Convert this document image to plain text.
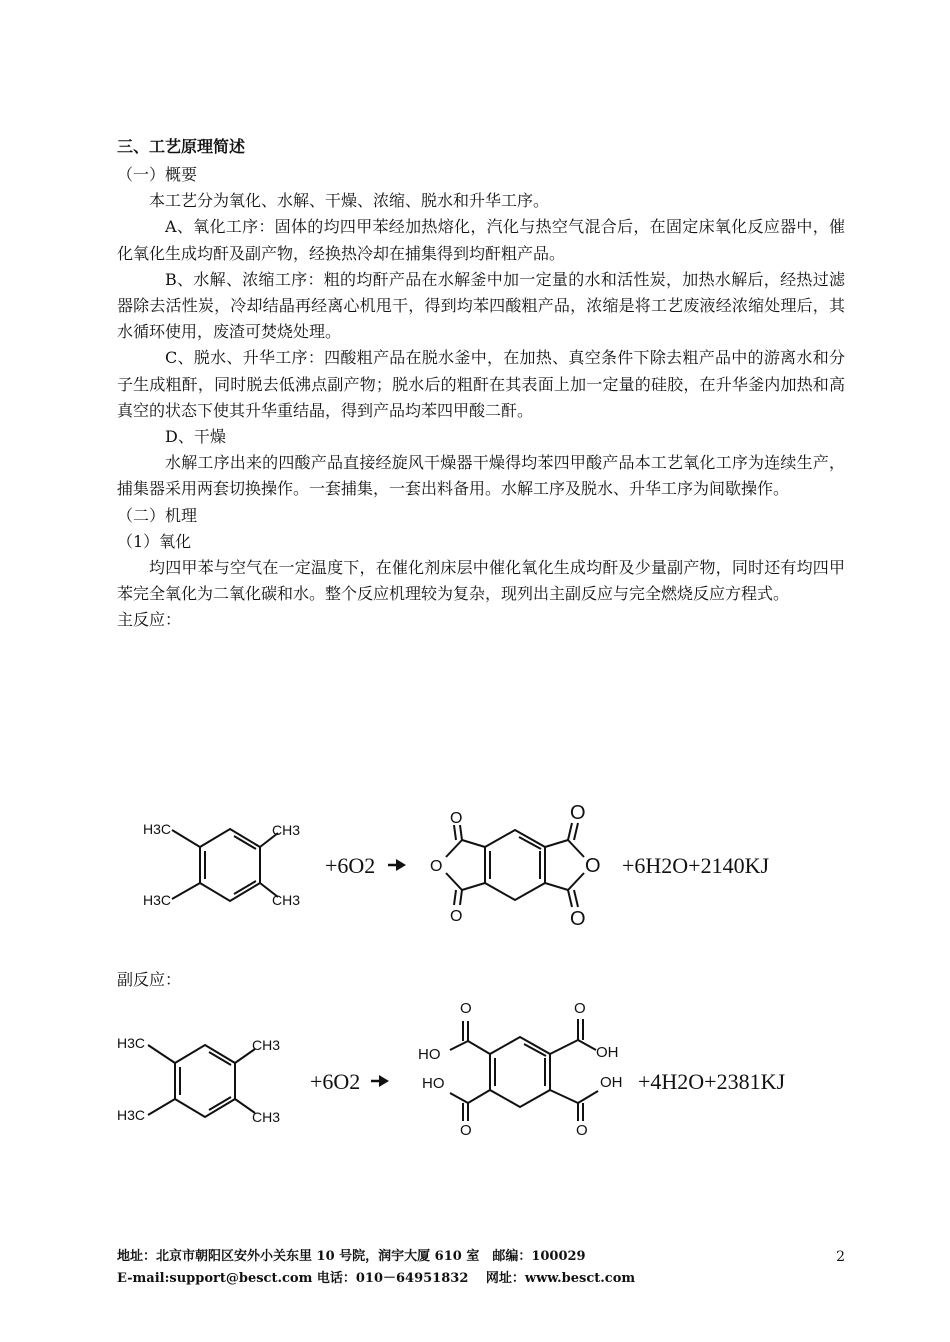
三、工艺原理简述

（一）概要

本工艺分为氧化、水解、干燥、浓缩、脱水和升华工序。

A、氧化工序：固体的均四甲苯经加热熔化，汽化与热空气混合后，在固定床氧化反应器中，催化氧化生成均酐及副产物，经换热冷却在捕集得到均酐粗产品。

B、水解、浓缩工序：粗的均酐产品在水解釜中加一定量的水和活性炭，加热水解后，经热过滤器除去活性炭，冷却结晶再经离心机甩干，得到均苯四酸粗产品，浓缩是将工艺废液经浓缩处理后，其水循环使用，废渣可焚烧处理。

C、脱水、升华工序：四酸粗产品在脱水釜中，在加热、真空条件下除去粗产品中的游离水和分子生成粗酐，同时脱去低沸点副产物；脱水后的粗酐在其表面上加一定量的硅胶，在升华釜内加热和高真空的状态下使其升华重结晶，得到产品均苯四甲酸二酐。

D、干燥

水解工序出来的四酸产品直接经旋风干燥器干燥得均苯四甲酸产品本工艺氧化工序为连续生产，捕集器采用两套切换操作。一套捕集，一套出料备用。水解工序及脱水、升华工序为间歇操作。

（二）机理

（1）氧化

均四甲苯与空气在一定温度下，在催化剂床层中催化氧化生成均酐及少量副产物，同时还有均四甲苯完全氧化为二氧化碳和水。整个反应机理较为复杂，现列出主副反应与完全燃烧反应方程式。

主反应：

H3C	CH3
H3C	CH3
+6O2
O
O
O
O
O
O
+6H2O+2140KJ

副反应：

H3C	CH3
H3C	CH3
+6O2
O	O
O	O
HO	OH
HO	OH +4H2O+2381KJ
地址：北京市朝阳区安外小关东里 10 号院，润宇大厦 610 室　邮编：100029
E-mail:support@besct.com 电话：010－64951832　 网址：www.besct.com
2
